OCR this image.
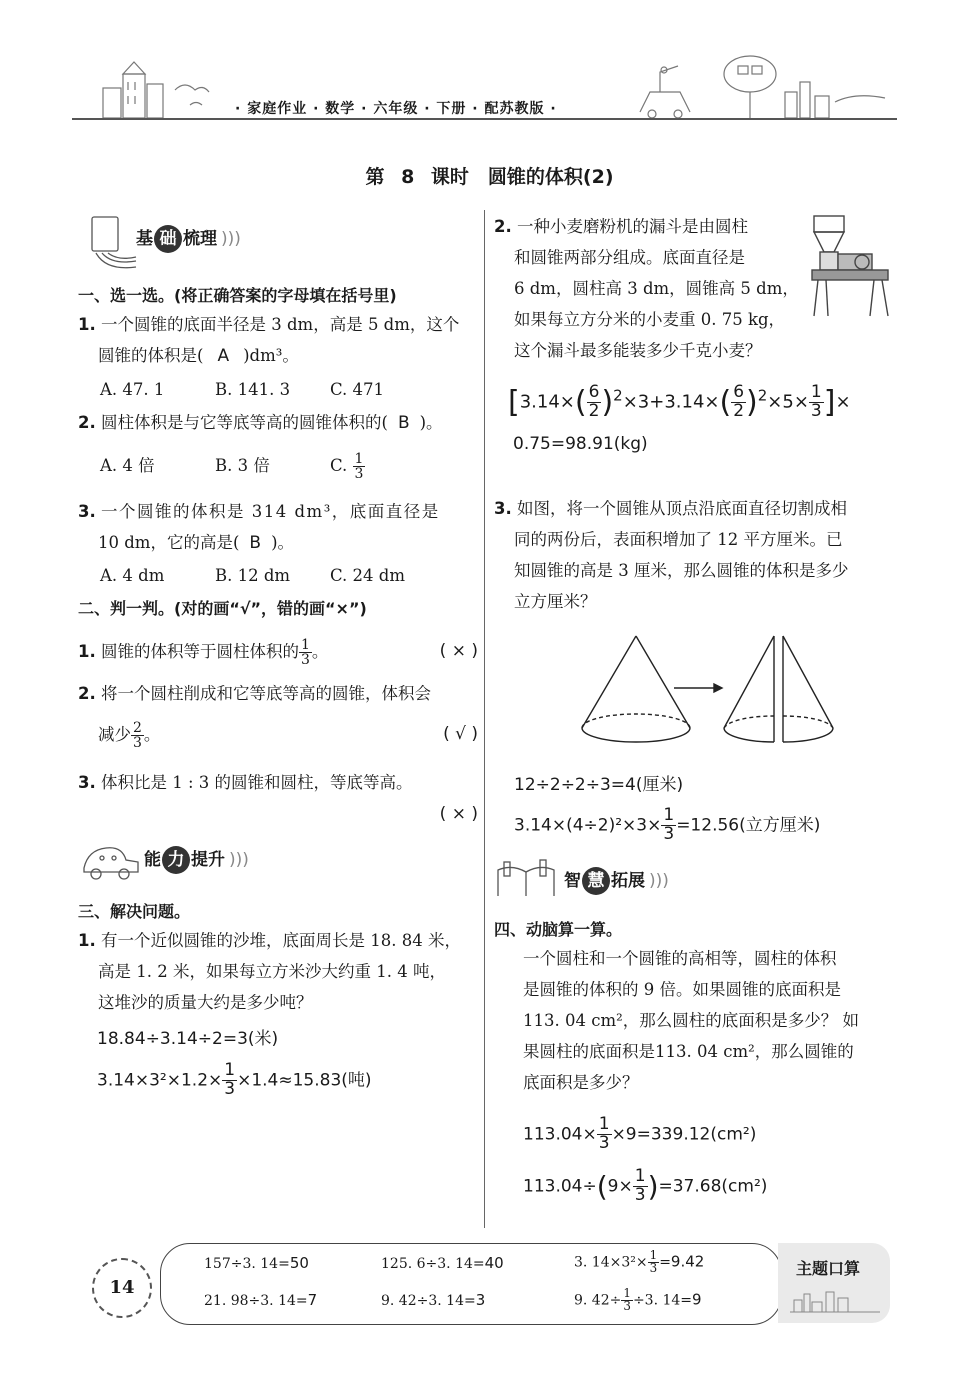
· 家庭作业 · 数学 · 六年级 · 下册 · 配苏教版 ·
第 8 课时　圆锥的体积(2)
基 础 梳理 )))
一、选一选。(将正确答案的字母填在括号里)
1. 一个圆锥的底面半径是 3 dm，高是 5 dm，这个
圆锥的体积是( A )dm³。
A. 47. 1	B. 141. 3 C. 471
2. 圆柱体积是与它等底等高的圆锥体积的( B )。
A. 4 倍	B. 3 倍	C. $\frac{1}{3}$
3. 一个圆锥的体积是 314 dm³，底面直径是
10 dm，它的高是( B )。
A. 4 dm	B. 12 dm C. 24 dm
二、判一判。(对的画“√”，错的画“×”)
1. 圆锥的体积等于圆柱体积的 $\frac{1}{3}$ 。	( × )
2. 将一个圆柱削成和它等底等高的圆锥，体积会
减少 $\frac{2}{3}$ 。	( √ )
3. 体积比是 1 : 3 的圆锥和圆柱，等底等高。
( × )
能 力 提升 )))
三、解决问题。
1. 有一个近似圆锥的沙堆，底面周长是 18. 84 米，
高是 1. 2 米，如果每立方米沙大约重 1. 4 吨，
这堆沙的质量大约是多少吨？
18.84÷3.14÷2=3(米)
$3.14\times 3^2\times 1.2\times \frac{1}{3} \times 1.4\approx 15.83$(吨)
2. 一种小麦磨粉机的漏斗是由圆柱
和圆锥两部分组成。底面直径是
6 dm，圆柱高 3 dm，圆锥高 5 dm，
如果每立方分米的小麦重 0. 75 kg，
这个漏斗最多能装多少千克小麦？
[$3.14\times( \frac{6}{2} )^2\times 3+3.14\times( \frac{6}{2} )^2\times 5\times \frac{1}{3}$ ]×
0.75=98.91(kg)
3. 如图，将一个圆锥从顶点沿底面直径切割成相
同的两份后，表面积增加了 12 平方厘米。已
知圆锥的高是 3 厘米，那么圆锥的体积是多少
立方厘米？
12÷2÷2÷3=4(厘米)
$3.14\times(4\div 2)^2\times 3\times \frac{1}{3} =12.56$(立方厘米)
智 慧 拓展 )))
四、动脑算一算。
一个圆柱和一个圆锥的高相等，圆柱的体积
是圆锥的体积的 9 倍。如果圆锥的底面积是
113. 04 cm²，那么圆柱的底面积是多少？ 如
果圆柱的底面积是113. 04 cm²，那么圆锥的
底面积是多少？
$113.04\times \frac{1}{3} \times 9=339.12(cm^2)$
$113.04\div(9\times \frac{1}{3} )=37.68(cm^2)$
14
主题口算
157÷3. 14=50	125. 6÷3. 14=40	3. $14\times 3^2\times \frac{1}{3} =9.42$
21. 98÷3. 14=7	9. 42÷3. 14=3	9. $42\div \frac{1}{3} \div 3$. 14=9
